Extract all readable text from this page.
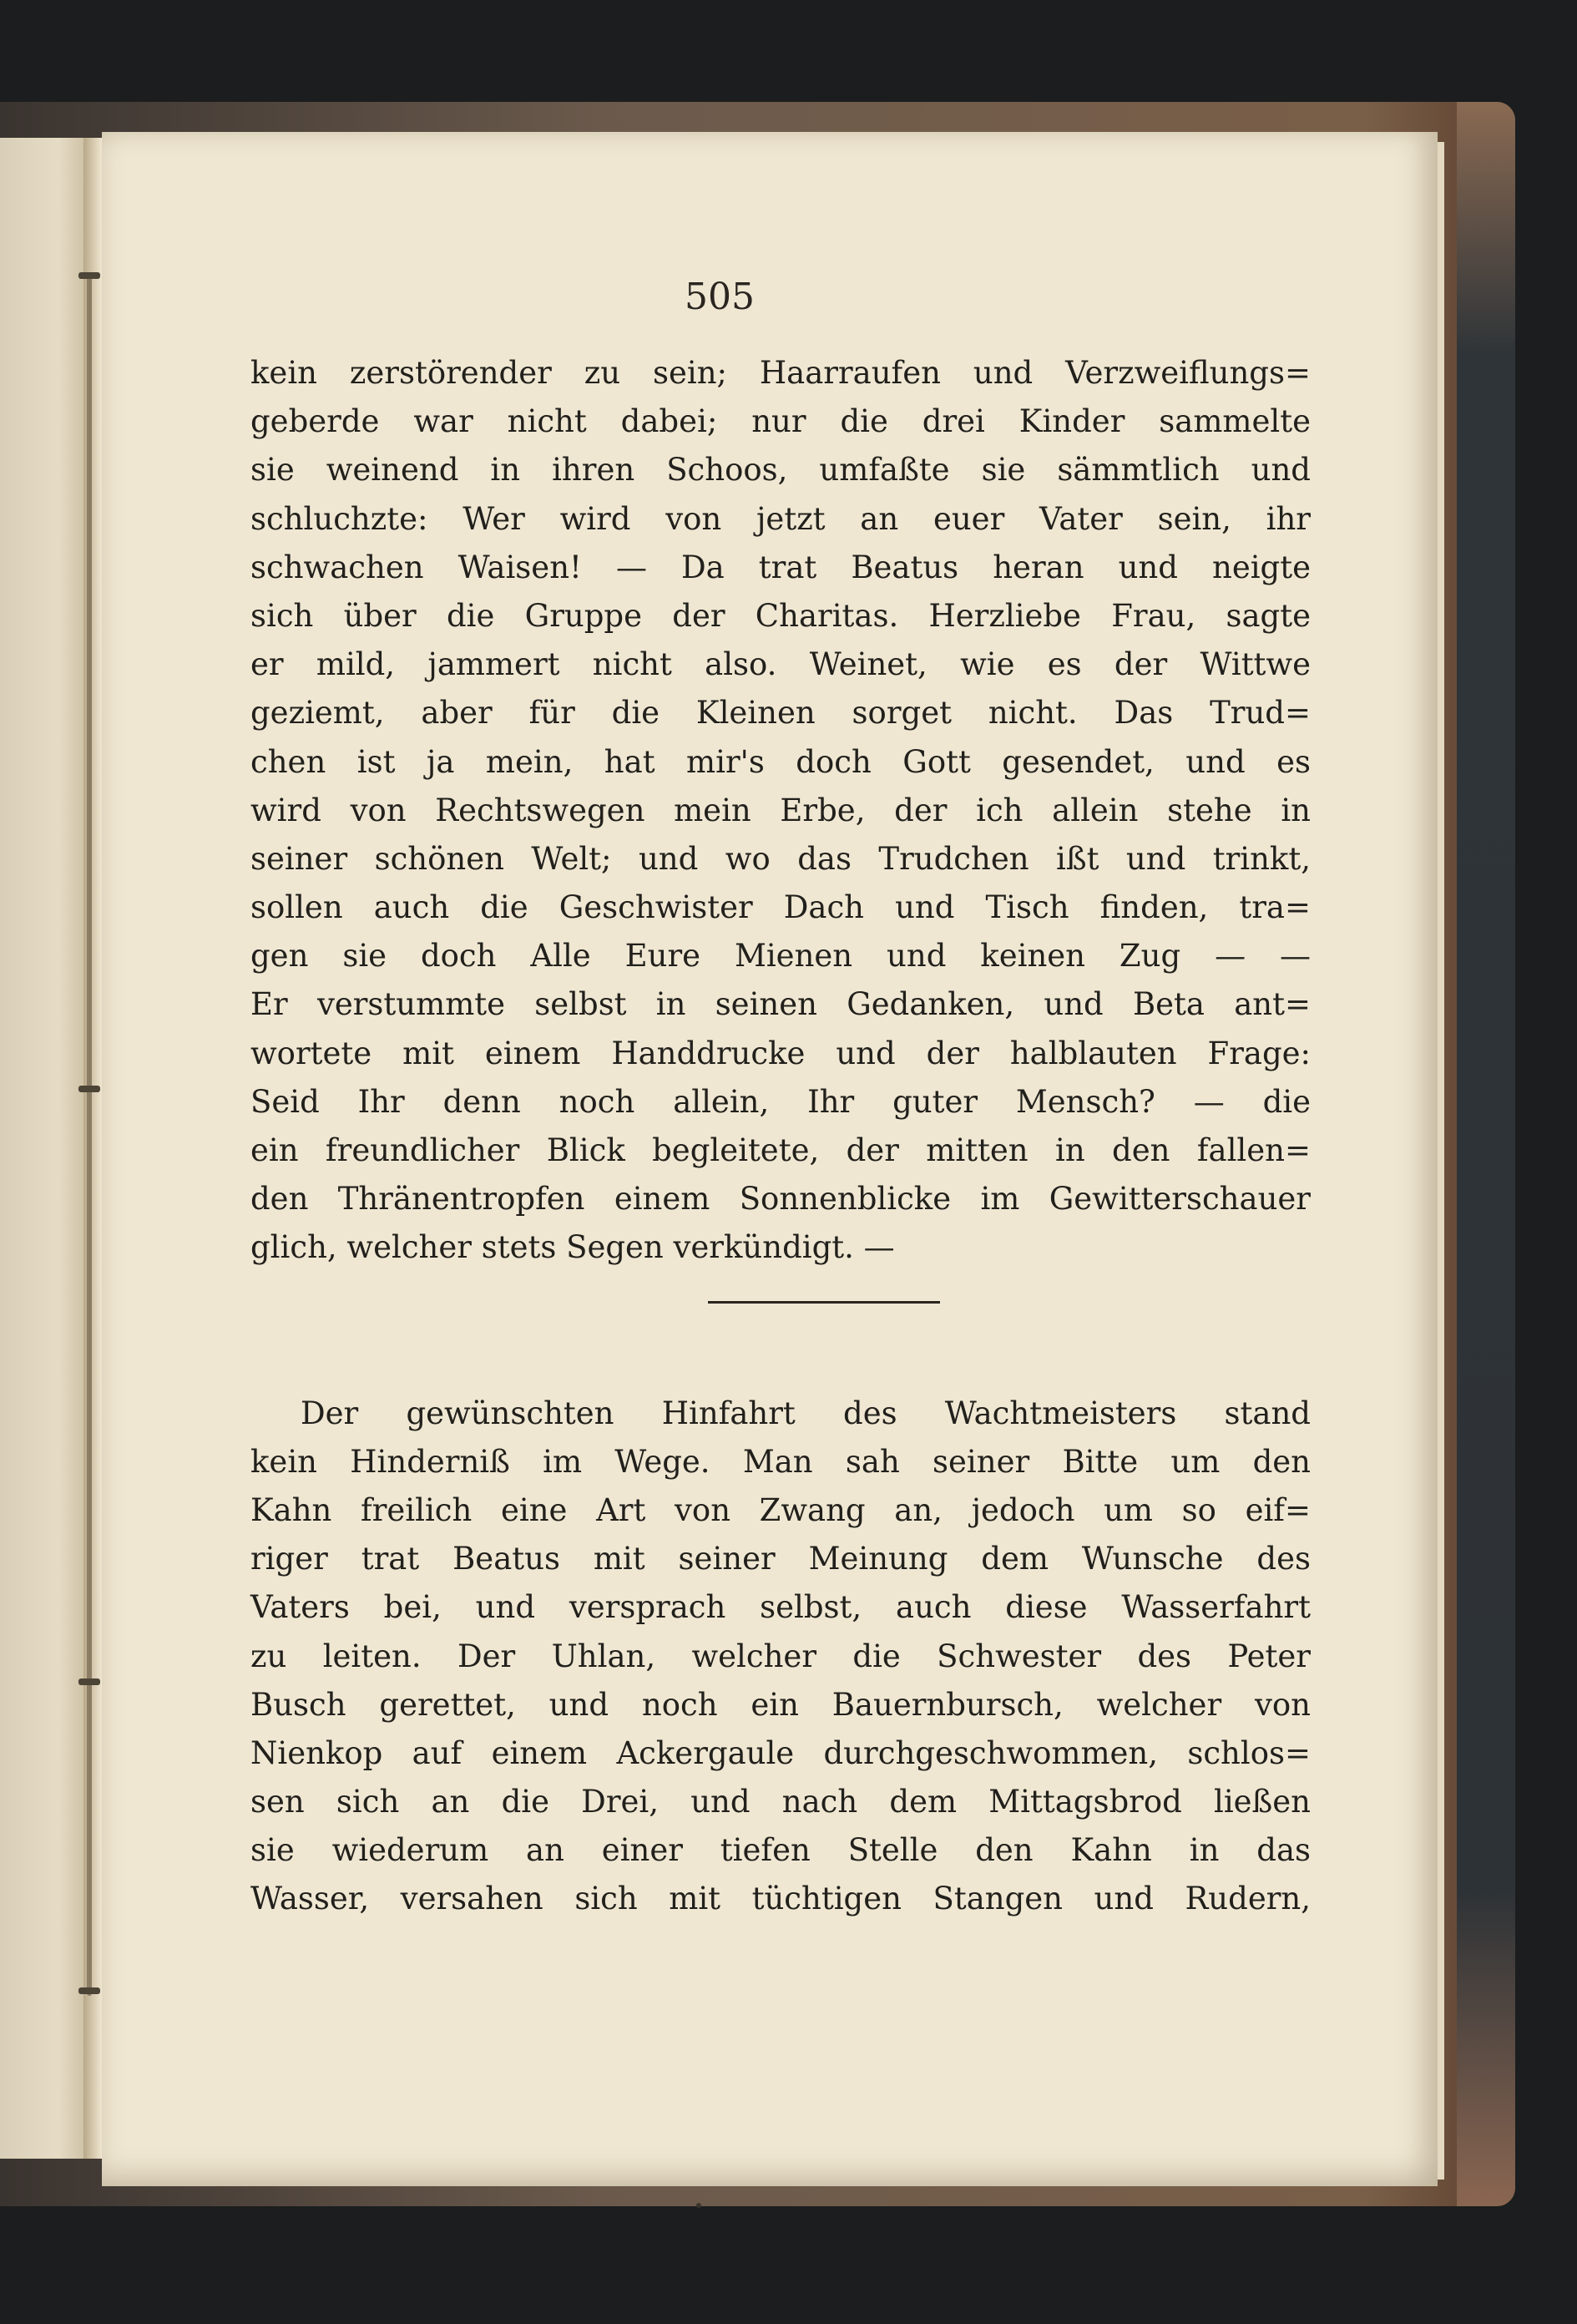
505
kein zerstörender zu sein; Haarraufen und Verzweiflungs=
geberde war nicht dabei; nur die drei Kinder sammelte
sie weinend in ihren Schoos, umfaßte sie sämmtlich und
schluchzte: Wer wird von jetzt an euer Vater sein, ihr
schwachen Waisen! — Da trat Beatus heran und neigte
sich über die Gruppe der Charitas. Herzliebe Frau, sagte
er mild, jammert nicht also. Weinet, wie es der Wittwe
geziemt, aber für die Kleinen sorget nicht. Das Trud=
chen ist ja mein, hat mir's doch Gott gesendet, und es
wird von Rechtswegen mein Erbe, der ich allein stehe in
seiner schönen Welt; und wo das Trudchen ißt und trinkt,
sollen auch die Geschwister Dach und Tisch finden, tra=
gen sie doch Alle Eure Mienen und keinen Zug — —
Er verstummte selbst in seinen Gedanken, und Beta ant=
wortete mit einem Handdrucke und der halblauten Frage:
Seid Ihr denn noch allein, Ihr guter Mensch? — die
ein freundlicher Blick begleitete, der mitten in den fallen=
den Thränentropfen einem Sonnenblicke im Gewitterschauer
glich, welcher stets Segen verkündigt. —
Der gewünschten Hinfahrt des Wachtmeisters stand
kein Hinderniß im Wege. Man sah seiner Bitte um den
Kahn freilich eine Art von Zwang an, jedoch um so eif=
riger trat Beatus mit seiner Meinung dem Wunsche des
Vaters bei, und versprach selbst, auch diese Wasserfahrt
zu leiten. Der Uhlan, welcher die Schwester des Peter
Busch gerettet, und noch ein Bauernbursch, welcher von
Nienkop auf einem Ackergaule durchgeschwommen, schlos=
sen sich an die Drei, und nach dem Mittagsbrod ließen
sie wiederum an einer tiefen Stelle den Kahn in das
Wasser, versahen sich mit tüchtigen Stangen und Rudern,
